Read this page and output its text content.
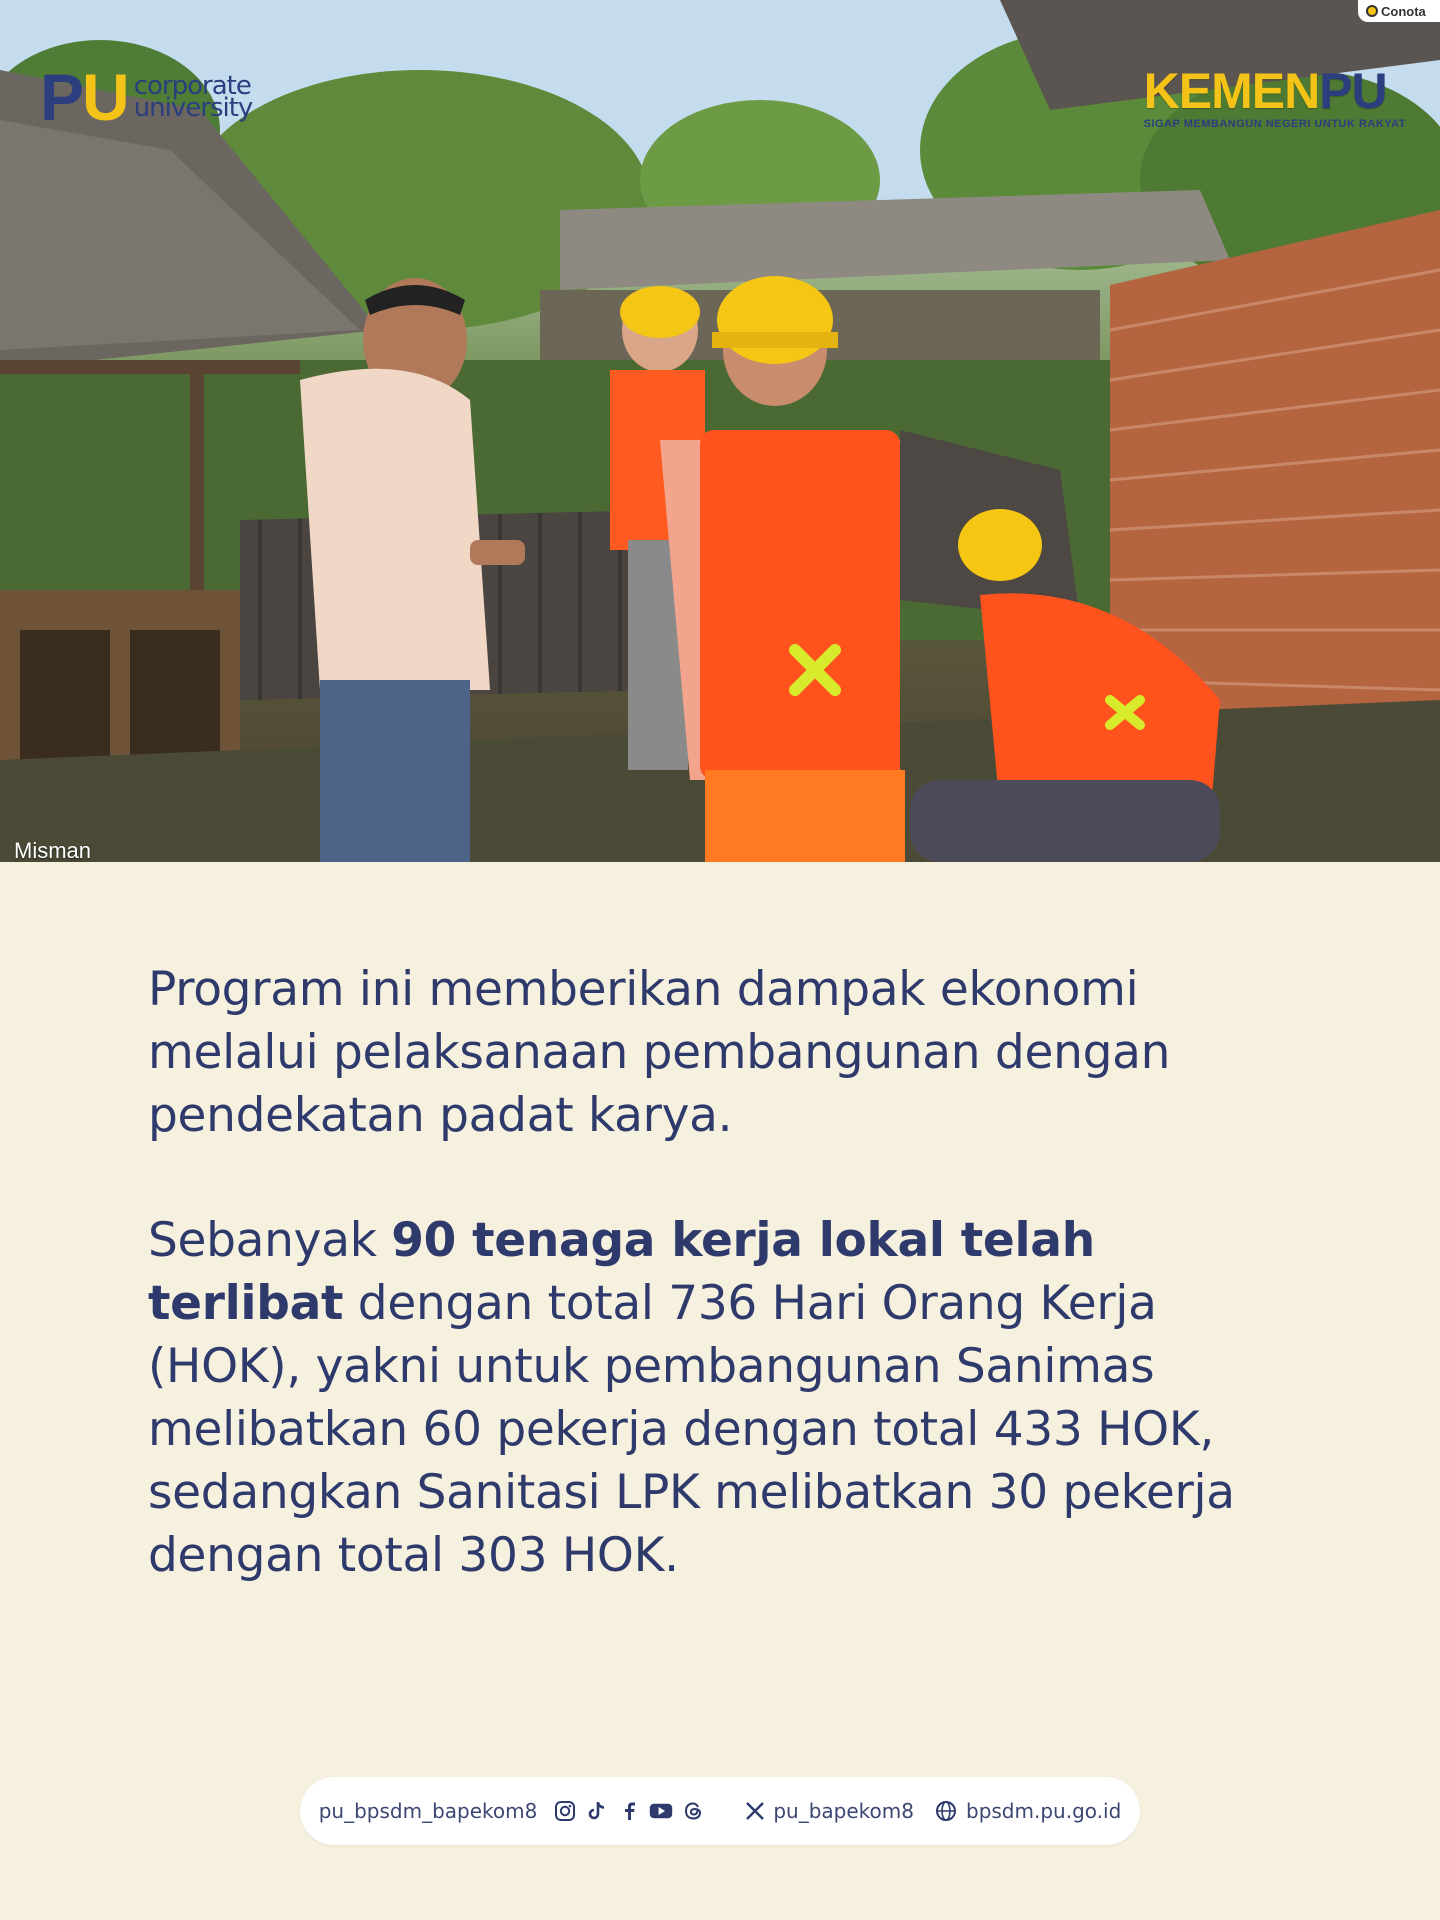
Conota
PU corporate
university	KEMENPU
SIGAP MEMBANGUN NEGERI UNTUK RAKYAT
Misman

Program ini memberikan dampak ekonomi melalui pelaksanaan pembangunan dengan pendekatan padat karya.

Sebanyak 90 tenaga kerja lokal telah terlibat dengan total 736 Hari Orang Kerja (HOK), yakni untuk pembangunan Sanimas melibatkan 60 pekerja dengan total 433 HOK, sedangkan Sanitasi LPK melibatkan 30 pekerja dengan total 303 HOK.

pu_bpsdm_bapekom8	pu_bapekom8	bpsdm.pu.go.id
